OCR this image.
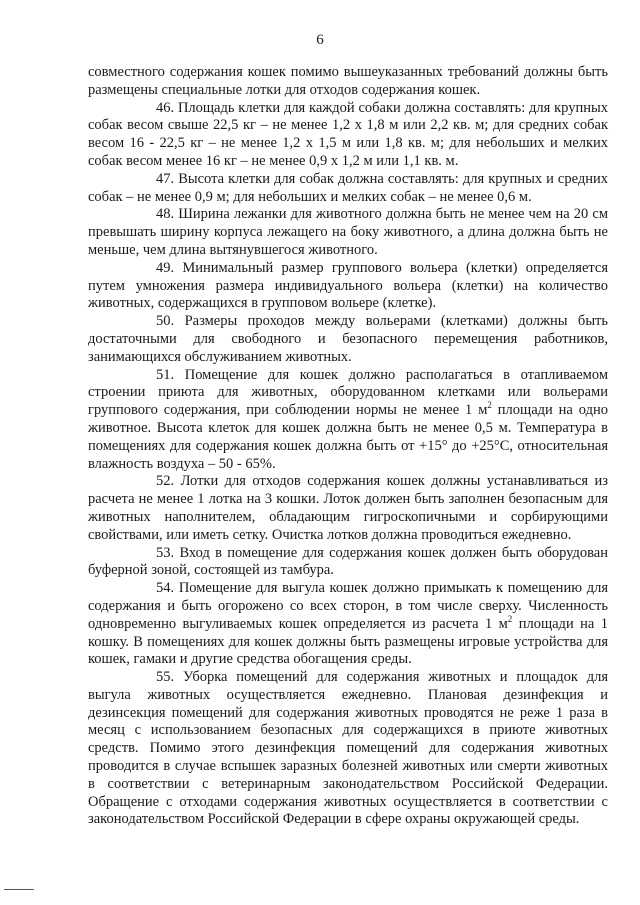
6

совместного содержания кошек помимо вышеуказанных требований должны быть размещены специальные лотки для отходов содержания кошек.

46. Площадь клетки для каждой собаки должна составлять: для крупных собак весом свыше 22,5 кг – не менее 1,2 х 1,8 м или 2,2 кв. м; для средних собак весом 16 - 22,5 кг – не менее 1,2 х 1,5 м или 1,8 кв. м; для небольших и мелких собак весом менее 16 кг – не менее 0,9 х 1,2 м или 1,1 кв. м.

47. Высота клетки для собак должна составлять: для крупных и средних собак – не менее 0,9 м; для небольших и мелких собак – не менее 0,6 м.

48. Ширина лежанки для животного должна быть не менее чем на 20 см превышать ширину корпуса лежащего на боку животного, а длина должна быть не меньше, чем длина вытянувшегося животного.

49. Минимальный размер группового вольера (клетки) определяется путем умножения размера индивидуального вольера (клетки) на количество животных, содержащихся в групповом вольере (клетке).

50. Размеры проходов между вольерами (клетками) должны быть достаточными для свободного и безопасного перемещения работников, занимающихся обслуживанием животных.

51. Помещение для кошек должно располагаться в отапливаемом строении приюта для животных, оборудованном клетками или вольерами группового содержания, при соблюдении нормы не менее 1 $м^2$ площади на одно животное. Высота клеток для кошек должна быть не менее 0,5 м. Температура в помещениях для содержания кошек должна быть от +15° до +25°С, относительная влажность воздуха – 50 - 65%.

52. Лотки для отходов содержания кошек должны устанавливаться из расчета не менее 1 лотка на 3 кошки. Лоток должен быть заполнен безопасным для животных наполнителем, обладающим гигроскопичными и сорбирующими свойствами, или иметь сетку. Очистка лотков должна проводиться ежедневно.

53. Вход в помещение для содержания кошек должен быть оборудован буферной зоной, состоящей из тамбура.

54. Помещение для выгула кошек должно примыкать к помещению для содержания и быть огорожено со всех сторон, в том числе сверху. Численность одновременно выгуливаемых кошек определяется из расчета 1 $м^2$ площади на 1 кошку. В помещениях для кошек должны быть размещены игровые устройства для кошек, гамаки и другие средства обогащения среды.

55. Уборка помещений для содержания животных и площадок для выгула животных осуществляется ежедневно. Плановая дезинфекция и дезинсекция помещений для содержания животных проводятся не реже 1 раза в месяц с использованием безопасных для содержащихся в приюте животных средств. Помимо этого дезинфекция помещений для содержания животных проводится в случае вспышек заразных болезней животных или смерти животных в соответствии с ветеринарным законодательством Российской Федерации. Обращение с отходами содержания животных осуществляется в соответствии с законодательством Российской Федерации в сфере охраны окружающей среды.
